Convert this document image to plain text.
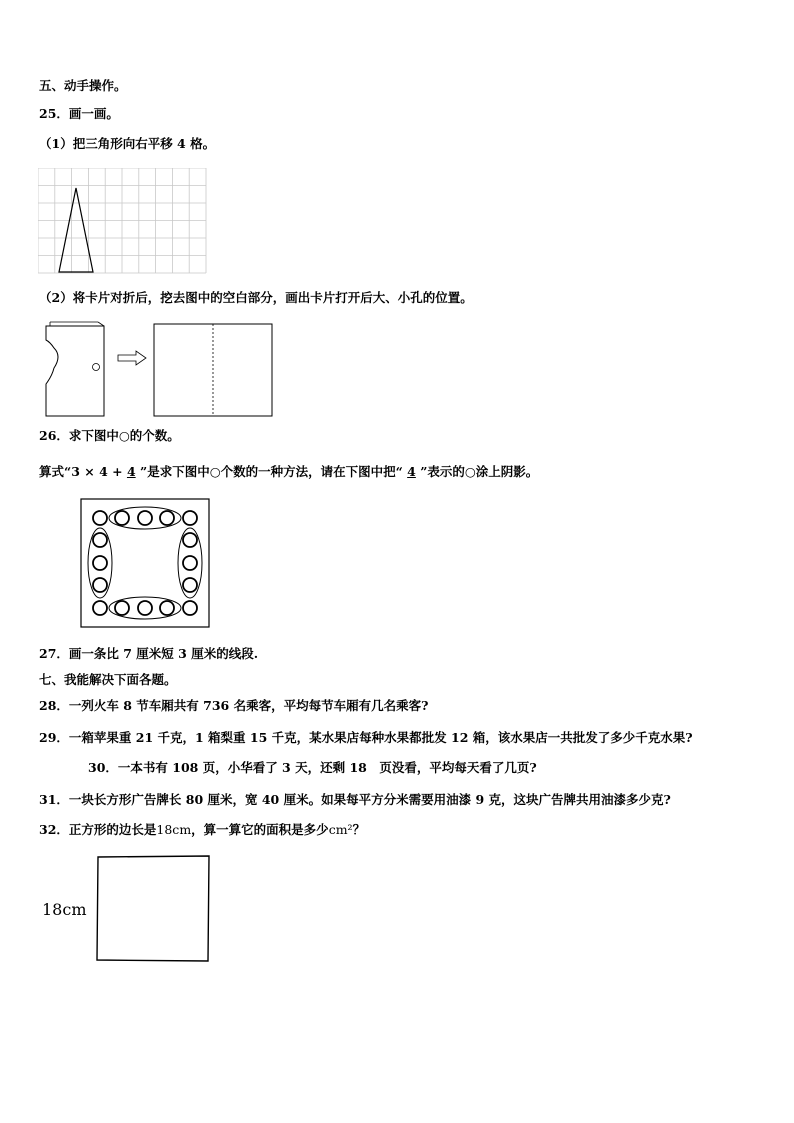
五、动手操作。
25．画一画。
（1）把三角形向右平移 4 格。
（2）将卡片对折后，挖去图中的空白部分，画出卡片打开后大、小孔的位置。
26．求下图中○的个数。
算式“3 × 4 + 4 ”是求下图中○个数的一种方法，请在下图中把“ 4 ”表示的○涂上阴影。
27．画一条比 7 厘米短 3 厘米的线段.
七、我能解决下面各题。
28．一列火车 8 节车厢共有 736 名乘客，平均每节车厢有几名乘客?
29．一箱苹果重 21 千克，1 箱梨重 15 千克，某水果店每种水果都批发 12 箱，该水果店一共批发了多少千克水果?
30．一本书有 108 页，小华看了 3 天，还剩 18　页没看，平均每天看了几页?
31．一块长方形广告牌长 80 厘米，宽 40 厘米。如果每平方分米需要用油漆 9 克，这块广告牌共用油漆多少克?
32．正方形的边长是18cm，算一算它的面积是多少cm²？
18cm
